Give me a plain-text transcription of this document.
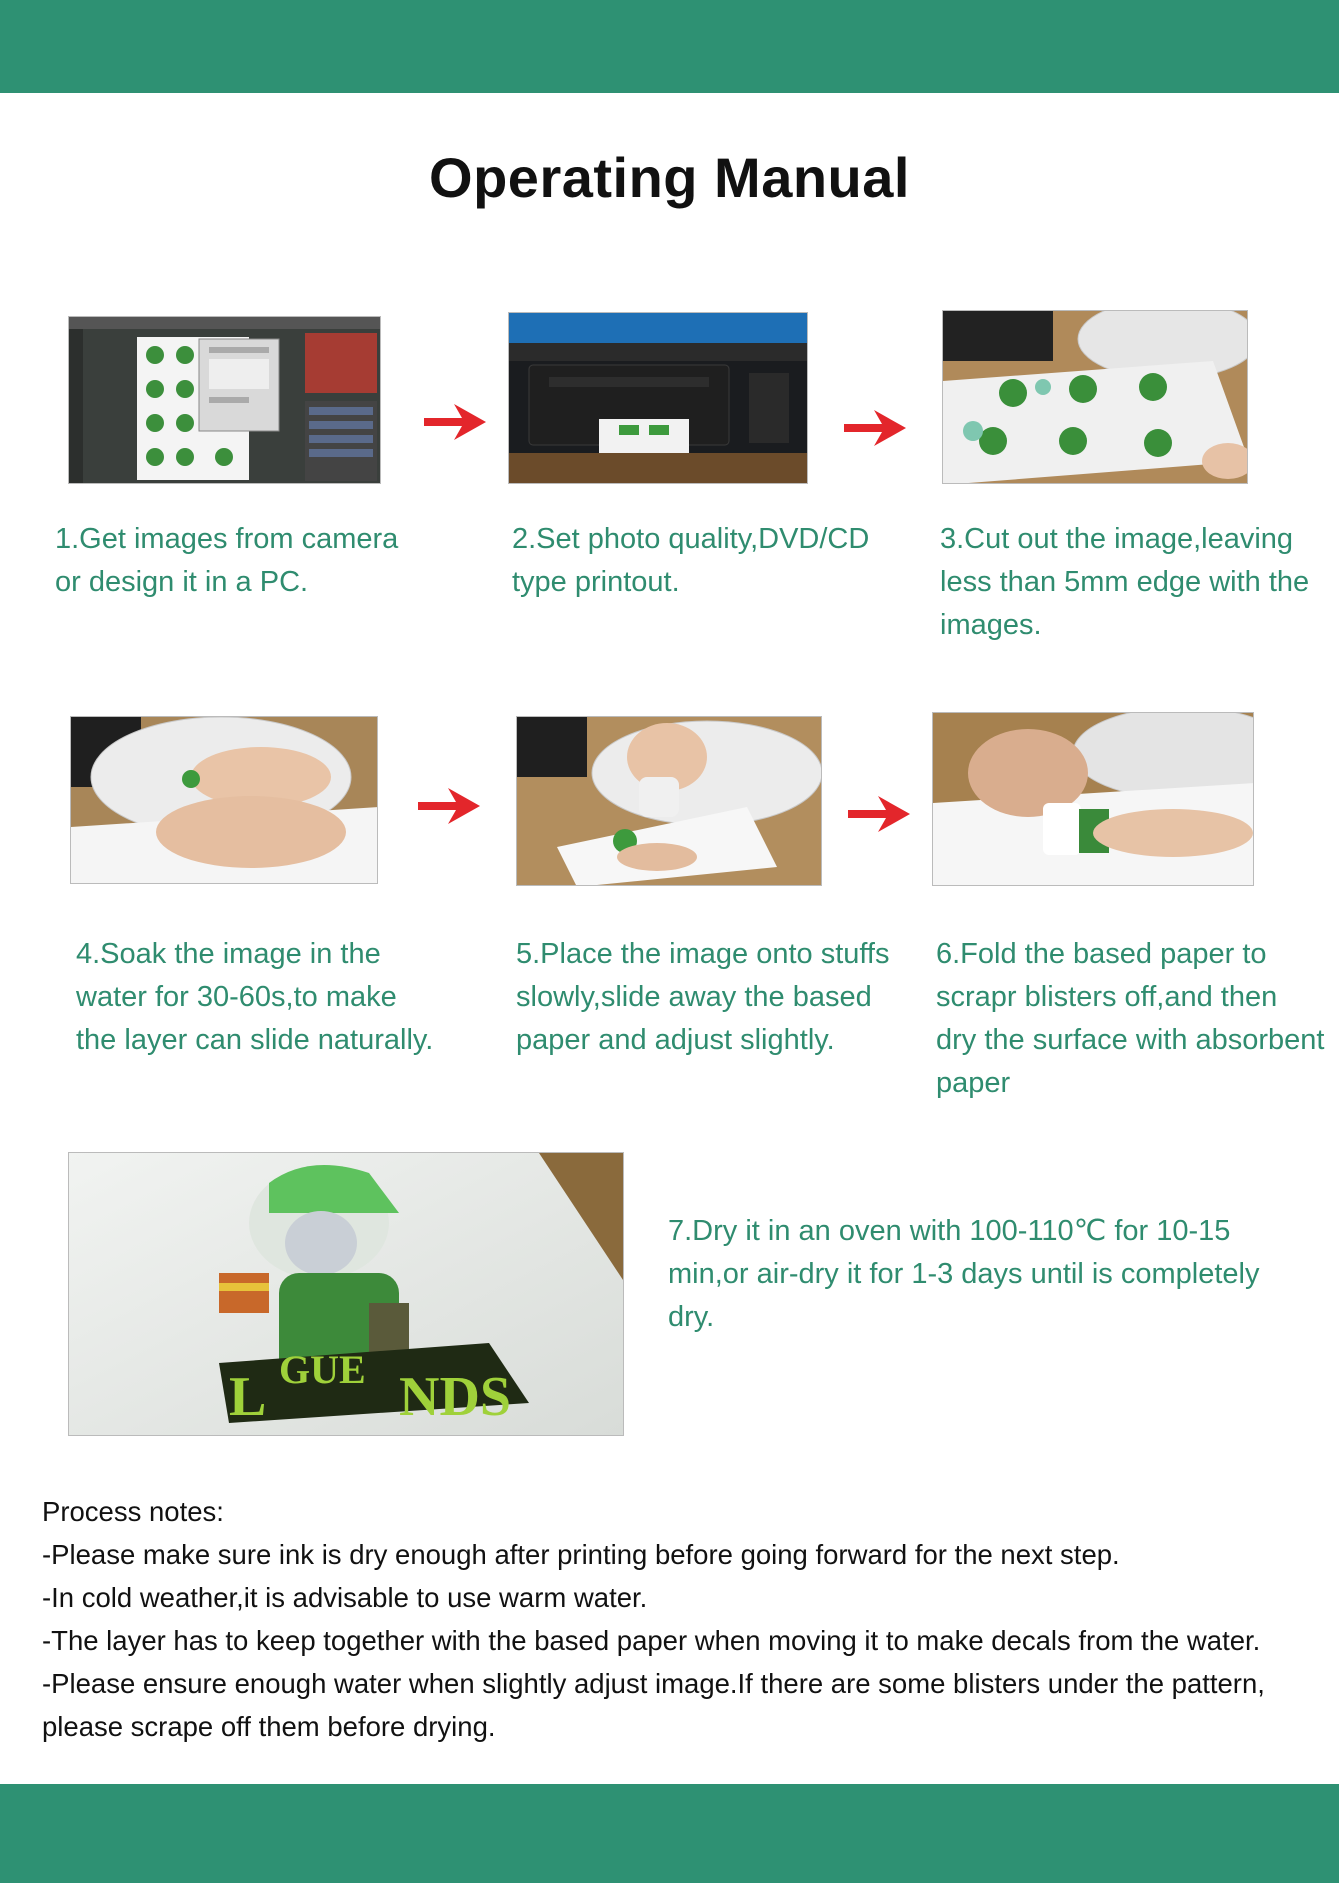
Operating Manual
1.Get images from camera
or design it in a PC.
2.Set photo quality,DVD/CD
type printout.
3.Cut out the image,leaving
less than 5mm edge with the
images.
4.Soak the image in the
water for 30-60s,to make
the layer can slide naturally.
5.Place the image onto stuffs
slowly,slide away the based
paper and adjust slightly.
6.Fold the based paper to
scrapr blisters off,and then
dry the surface with absorbent
paper
L GUE NDS
7.Dry it in an oven with 100-110℃ for 10-15
min,or air-dry it for 1-3 days until is completely
dry.
Process notes:
-Please make sure ink is dry enough after printing before going forward for the next step.
-In cold weather,it is advisable to use warm water.
-The layer has to keep together with the based paper when moving it to make decals from the water.
-Please ensure enough water when slightly adjust image.If there are some blisters under the pattern,
please scrape off them before drying.
